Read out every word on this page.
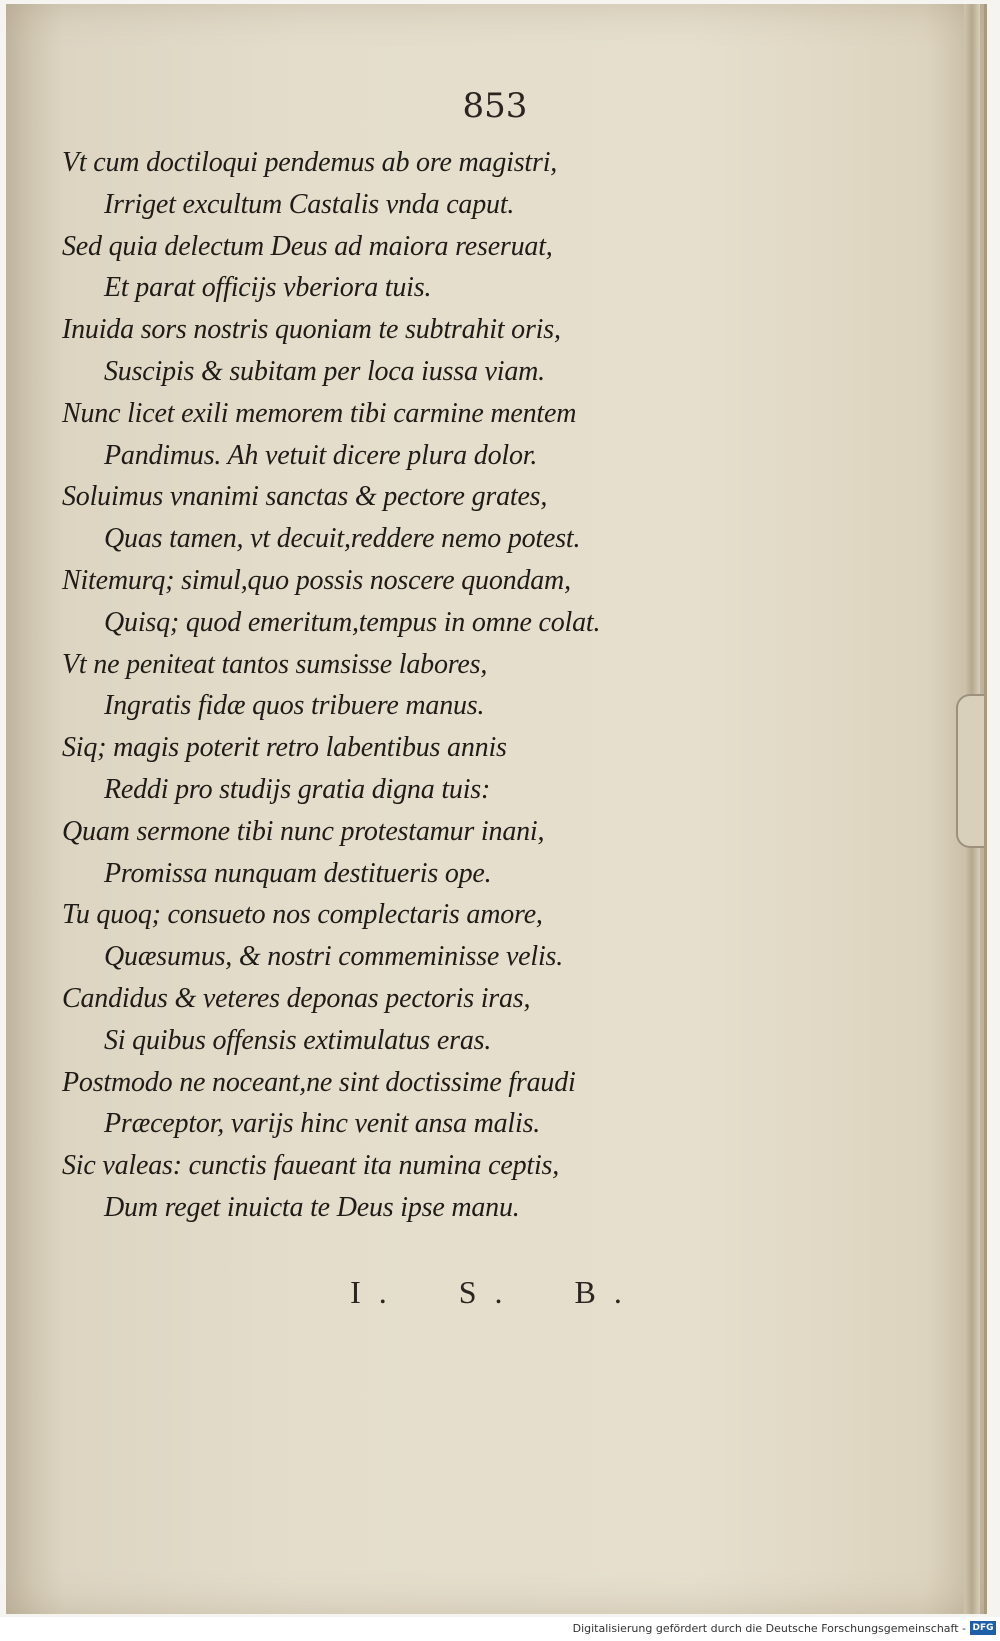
853
Vt cum doctiloqui pendemus ab ore magistri,
Irriget excultum Castalis vnda caput.
Sed quia delectum Deus ad maiora reseruat,
Et parat officijs vberiora tuis.
Inuida sors nostris quoniam te subtrahit oris,
Suscipis & subitam per loca iussa viam.
Nunc licet exili memorem tibi carmine mentem
Pandimus. Ah vetuit dicere plura dolor.
Soluimus vnanimi sanctas & pectore grates,
Quas tamen, vt decuit,reddere nemo potest.
Nitemurq; simul,quo possis noscere quondam,
Quisq; quod emeritum,tempus in omne colat.
Vt ne peniteat tantos sumsisse labores,
Ingratis fidæ quos tribuere manus.
Siq; magis poterit retro labentibus annis
Reddi pro studijs gratia digna tuis:
Quam sermone tibi nunc protestamur inani,
Promissa nunquam destitueris ope.
Tu quoq; consueto nos complectaris amore,
Quæsumus, & nostri commeminisse velis.
Candidus & veteres deponas pectoris iras,
Si quibus offensis extimulatus eras.
Postmodo ne noceant,ne sint doctissime fraudi
Præceptor, varijs hinc venit ansa malis.
Sic valeas: cunctis faueant ita numina ceptis,
Dum reget inuicta te Deus ipse manu.
I. S. B.
Digitalisierung gefördert durch die Deutsche Forschungsgemeinschaft - DFG
